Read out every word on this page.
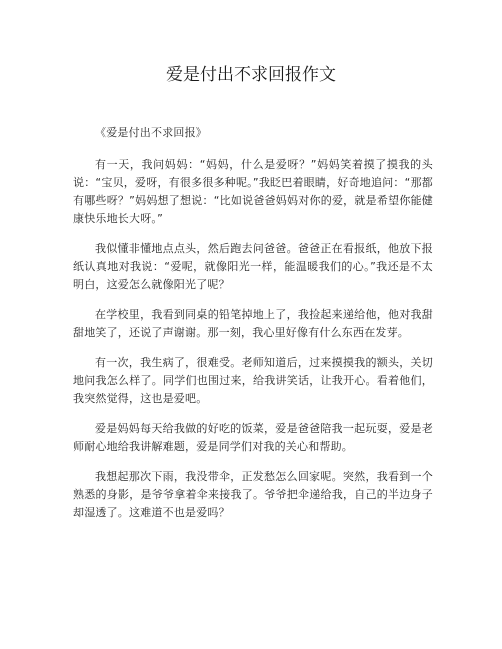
爱是付出不求回报作文

《爱是付出不求回报》

有一天，我问妈妈：“妈妈，什么是爱呀？”妈妈笑着摸了摸我的头说：“宝贝，爱呀，有很多很多种呢。”我眨巴着眼睛，好奇地追问：“那都有哪些呀？”妈妈想了想说：“比如说爸爸妈妈对你的爱，就是希望你能健康快乐地长大呀。”

我似懂非懂地点点头，然后跑去问爸爸。爸爸正在看报纸，他放下报纸认真地对我说：“爱呢，就像阳光一样，能温暖我们的心。”我还是不太明白，这爱怎么就像阳光了呢？

在学校里，我看到同桌的铅笔掉地上了，我捡起来递给他，他对我甜甜地笑了，还说了声谢谢。那一刻，我心里好像有什么东西在发芽。

有一次，我生病了，很难受。老师知道后，过来摸摸我的额头，关切地问我怎么样了。同学们也围过来，给我讲笑话，让我开心。看着他们，我突然觉得，这也是爱吧。

爱是妈妈每天给我做的好吃的饭菜，爱是爸爸陪我一起玩耍，爱是老师耐心地给我讲解难题，爱是同学们对我的关心和帮助。

我想起那次下雨，我没带伞，正发愁怎么回家呢。突然，我看到一个熟悉的身影，是爷爷拿着伞来接我了。爷爷把伞递给我，自己的半边身子却湿透了。这难道不也是爱吗？
